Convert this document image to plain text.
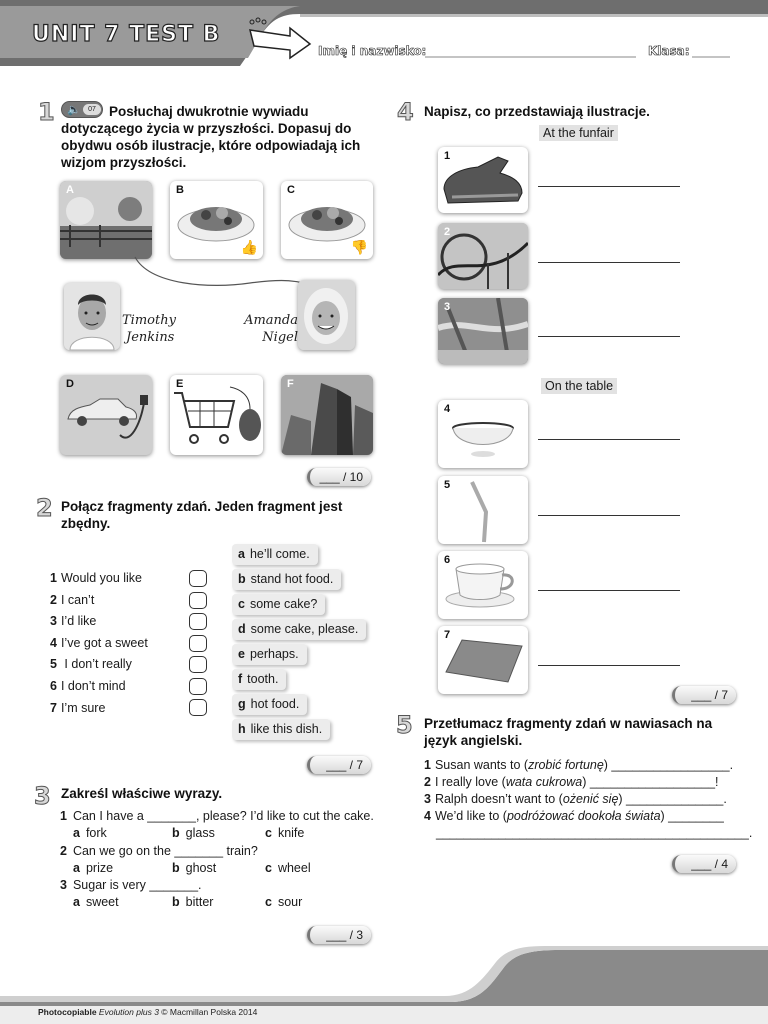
UNIT 7 TEST B
Imię i nazwisko:	Klasa:
1 🔈	07 Posłuchaj dwukrotnie wywiadu dotyczącego życia w przyszłości. Dopasuj do obydwu osób ilustracje, które odpowiadają ich wizjom przyszłości.
A	B
👍
C
👎
Timothy
Jenkins
Amanda
Nigel
D	E	F
___ / 10
2 Połącz fragmenty zdań. Jeden fragment jest zbędny.
1 Would you like
2 I can’t
3 I’d like
4 I’ve got a sweet
5 I don’t really
6 I don’t mind
7 I’m sure
a he’ll come.
b stand hot food.
c some cake?
d some cake, please.
e perhaps.
f tooth.
g hot food.
h like this dish.
___ / 7
3 Zakreśl właściwe wyrazy.
1 Can I have a _______, please? I’d like to cut the cake.
a fork	b glass	c knife
2 Can we go on the _______ train?
a prize	b ghost	c wheel
3 Sugar is very _______.
a sweet	b bitter	c sour
___ / 3
4 Napisz, co przedstawiają ilustracje.
At the funfair
1
2
3
On the table
4
5
6
7
___ / 7
5 Przetłumacz fragmenty zdań w nawiasach na język angielski.
1 Susan wants to (zrobić fortunę) _________________.
2 I really love (wata cukrowa) __________________!
3 Ralph doesn’t want to (ożenić się) ______________.
4 We’d like to (podróżować dookoła świata) ________
_____________________________________________.
___ / 4
Photocopiable Evolution plus 3 © Macmillan Polska 2014
